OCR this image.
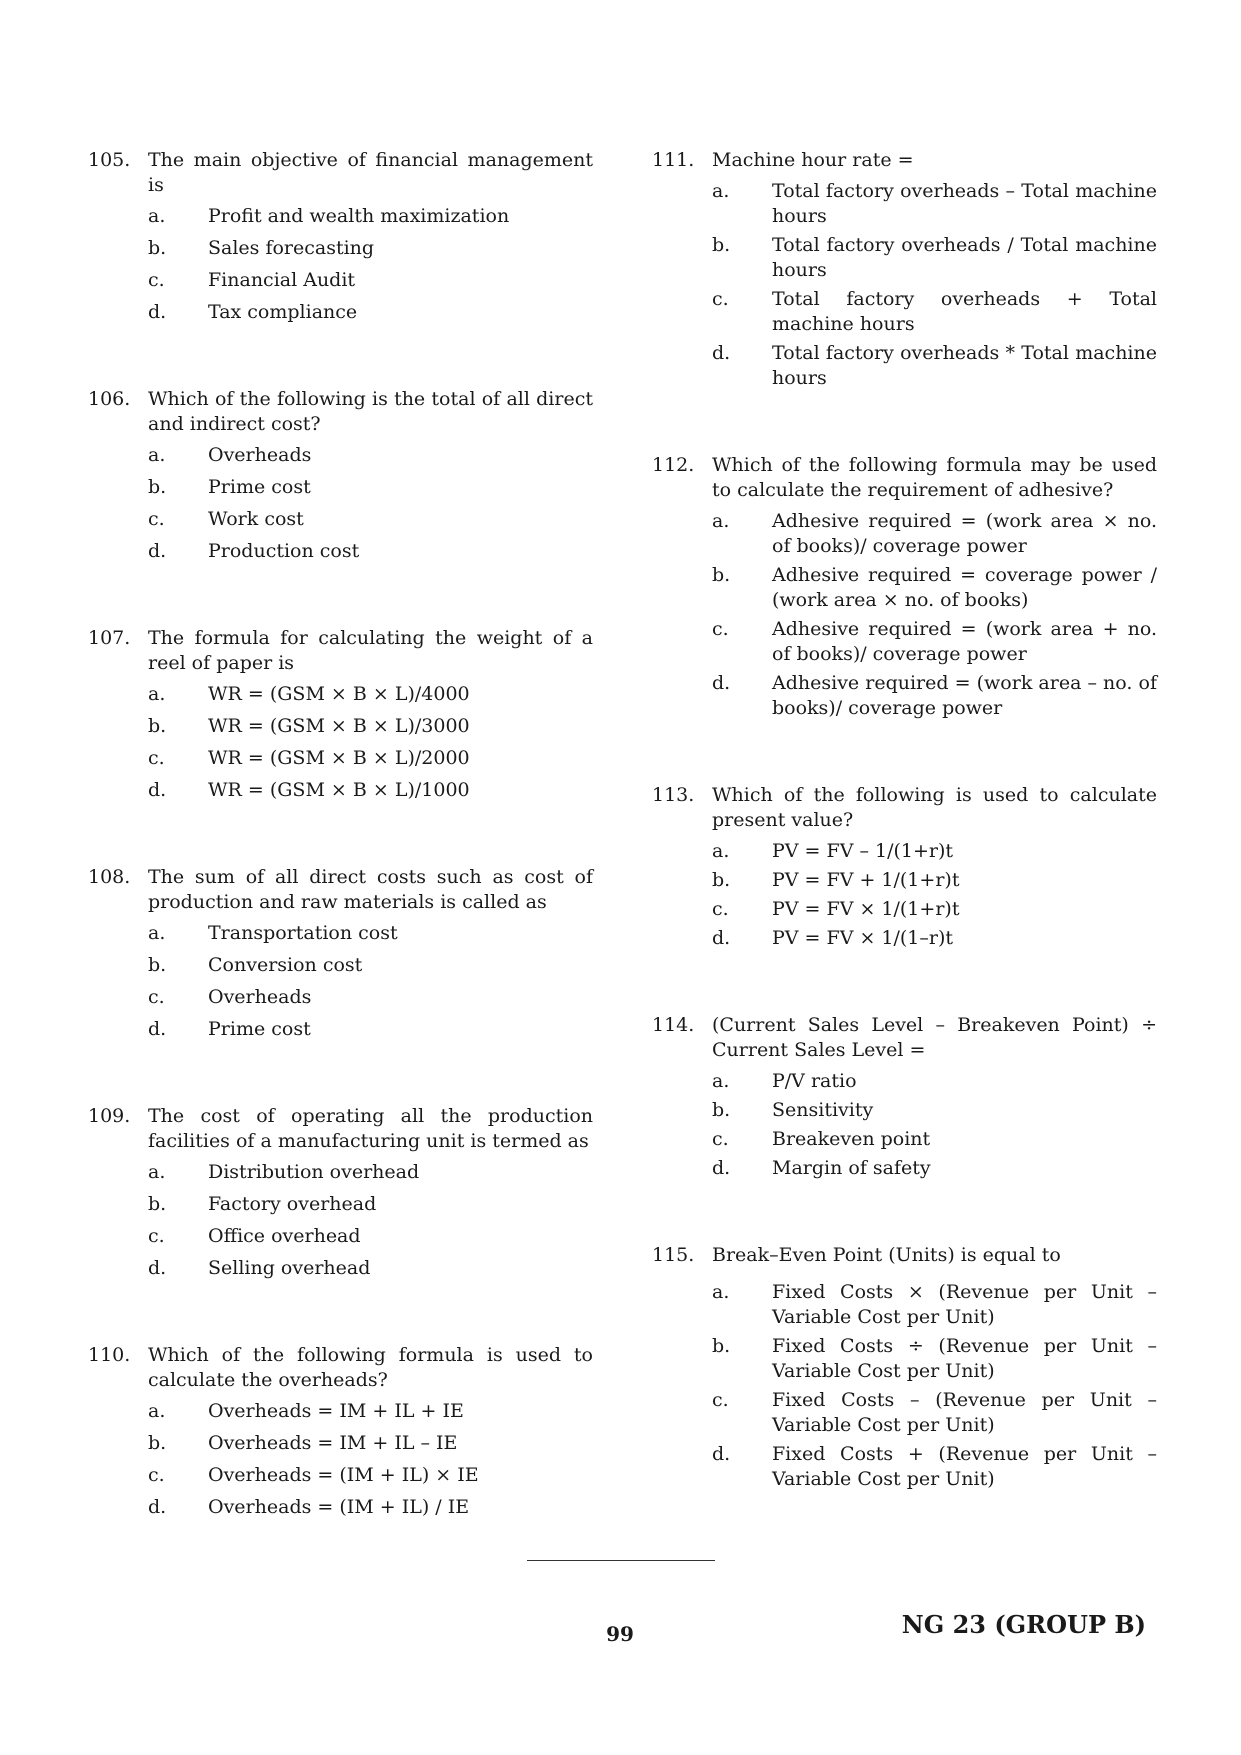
105. The main objective of financial management is
a. Profit and wealth maximization
b. Sales forecasting
c. Financial Audit
d. Tax compliance
106. Which of the following is the total of all direct and indirect cost?
a. Overheads
b. Prime cost
c. Work cost
d. Production cost
107. The formula for calculating the weight of a reel of paper is
a. WR = (GSM × B × L)/4000
b. WR = (GSM × B × L)/3000
c. WR = (GSM × B × L)/2000
d. WR = (GSM × B × L)/1000
108. The sum of all direct costs such as cost of production and raw materials is called as
a. Transportation cost
b. Conversion cost
c. Overheads
d. Prime cost
109. The cost of operating all the production facilities of a manufacturing unit is termed as
a. Distribution overhead
b. Factory overhead
c. Office overhead
d. Selling overhead
110. Which of the following formula is used to calculate the overheads?
a. Overheads = IM + IL + IE
b. Overheads = IM + IL – IE
c. Overheads = (IM + IL) × IE
d. Overheads = (IM + IL) / IE
111. Machine hour rate =
a. Total factory overheads – Total machine hours
b. Total factory overheads / Total machine hours
c. Total factory overheads + Total machine hours
d. Total factory overheads * Total machine hours
112. Which of the following formula may be used to calculate the requirement of adhesive?
a. Adhesive required = (work area × no. of books)/ coverage power
b. Adhesive required = coverage power / (work area × no. of books)
c. Adhesive required = (work area + no. of books)/ coverage power
d. Adhesive required = (work area – no. of books)/ coverage power
113. Which of the following is used to calculate present value?
a. PV = FV – 1/(1+r)t
b. PV = FV + 1/(1+r)t
c. PV = FV × 1/(1+r)t
d. PV = FV × 1/(1–r)t
114. (Current Sales Level – Breakeven Point) ÷ Current Sales Level =
a. P/V ratio
b. Sensitivity
c. Breakeven point
d. Margin of safety
115. Break–Even Point (Units) is equal to
a. Fixed Costs × (Revenue per Unit – Variable Cost per Unit)
b. Fixed Costs ÷ (Revenue per Unit – Variable Cost per Unit)
c. Fixed Costs – (Revenue per Unit – Variable Cost per Unit)
d. Fixed Costs + (Revenue per Unit – Variable Cost per Unit)
99	NG 23 (GROUP B)
